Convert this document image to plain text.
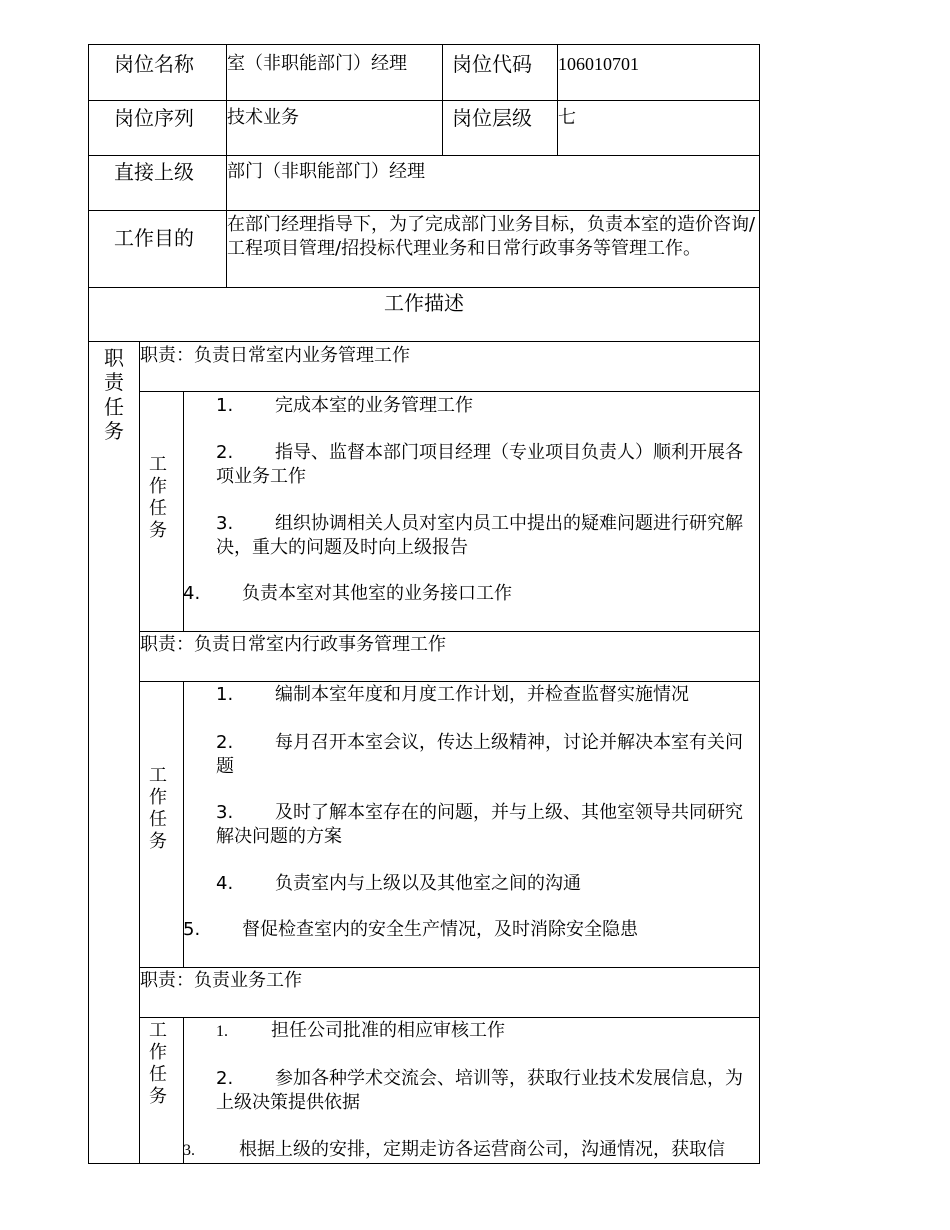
岗位名称 室（非职能部门）经理 岗位代码 106010701
岗位序列 技术业务	岗位层级 七
直接上级 部门（非职能部门）经理
工作目的
在部门经理指导下，为了完成部门业务目标，负责本室的造价咨询/工程项目管理/招投标代理业务和日常行政事务等管理工作。
工作描述
职
责
任
务
职责：负责日常室内业务管理工作
工
作
任
务
1. 完成本室的业务管理工作
2. 指导、监督本部门项目经理（专业项目负责人）顺利开展各项业务工作
3. 组织协调相关人员对室内员工中提出的疑难问题进行研究解决，重大的问题及时向上级报告
4. 负责本室对其他室的业务接口工作
职责：负责日常室内行政事务管理工作
工
作
任
务
1. 编制本室年度和月度工作计划，并检查监督实施情况
2. 每月召开本室会议，传达上级精神，讨论并解决本室有关问题
3. 及时了解本室存在的问题，并与上级、其他室领导共同研究解决问题的方案
4. 负责室内与上级以及其他室之间的沟通
5. 督促检查室内的安全生产情况，及时消除安全隐患
职责：负责业务工作
工
作
任
务
1. 担任公司批准的相应审核工作
2. 参加各种学术交流会、培训等，获取行业技术发展信息，为上级决策提供依据
3. 根据上级的安排，定期走访各运营商公司，沟通情况，获取信
